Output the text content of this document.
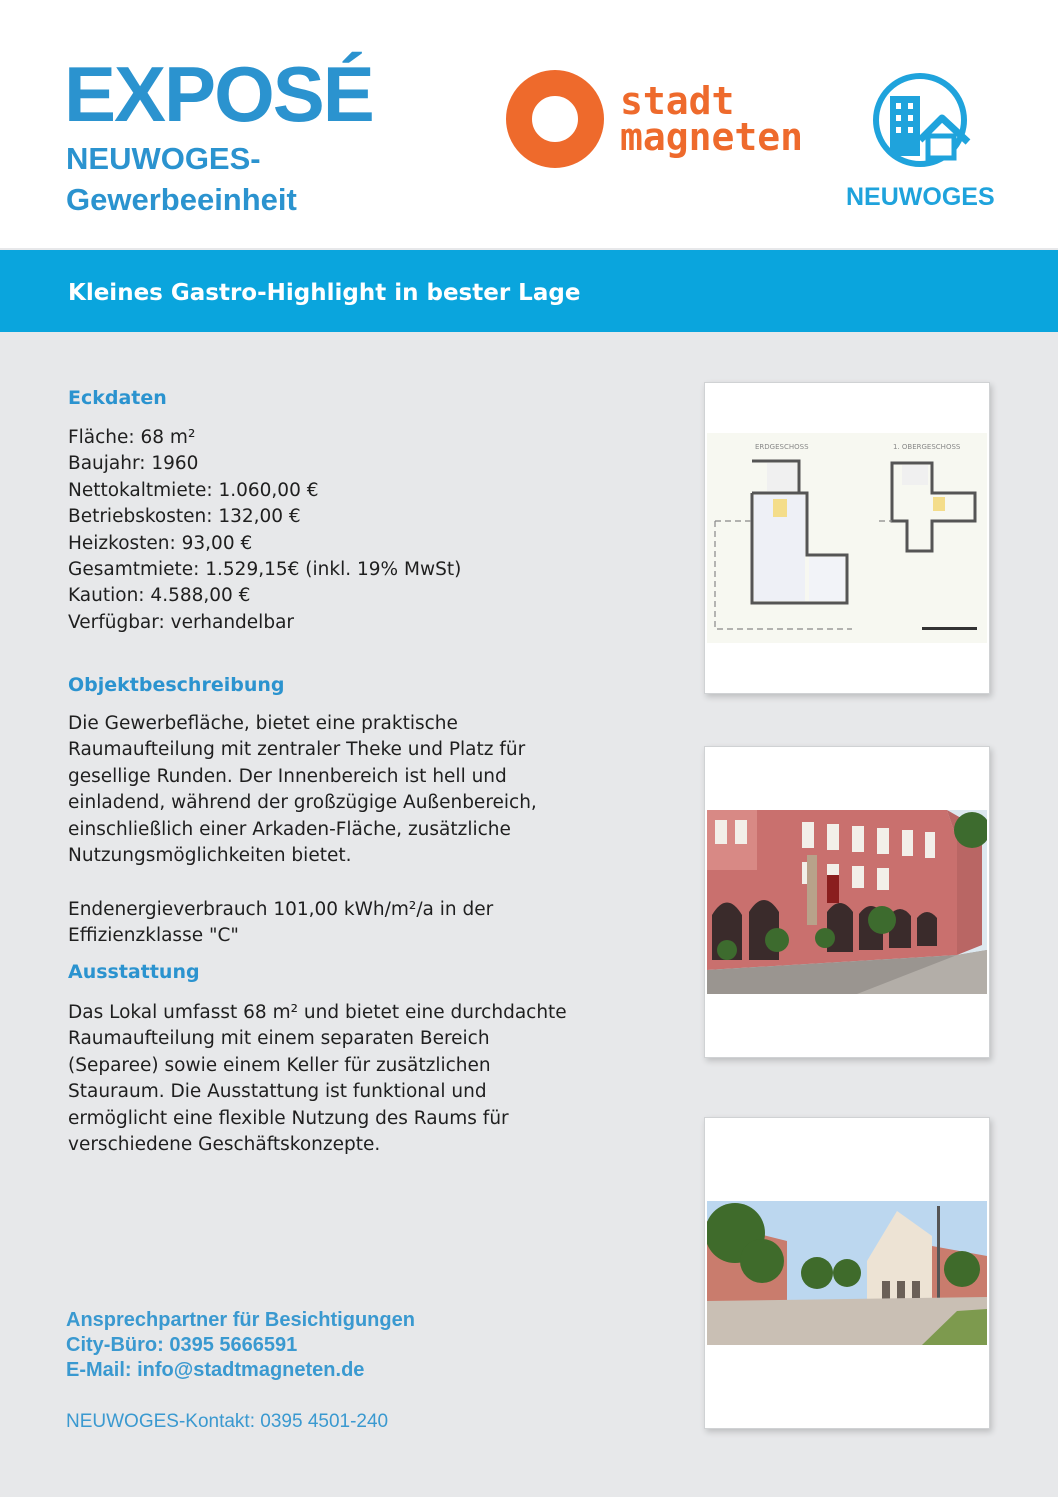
EXPOSÉ
NEUWOGES-
Gewerbeeinheit
stadt
magneten
NEUWOGES
Kleines Gastro-Highlight in bester Lage
Eckdaten
Fläche: 68 m²
Baujahr: 1960
Nettokaltmiete: 1.060,00 €
Betriebskosten: 132,00 €
Heizkosten: 93,00 €
Gesamtmiete: 1.529,15€ (inkl. 19% MwSt)
Kaution: 4.588,00 €
Verfügbar: verhandelbar
Objektbeschreibung
Die Gewerbefläche, bietet eine praktische
Raumaufteilung mit zentraler Theke und Platz für
gesellige Runden. Der Innenbereich ist hell und
einladend, während der großzügige Außenbereich,
einschließlich einer Arkaden-Fläche, zusätzliche
Nutzungsmöglichkeiten bietet.
Endenergieverbrauch 101,00 kWh/m²/a in der
Effizienzklasse "C"
Ausstattung
Das Lokal umfasst 68 m² und bietet eine durchdachte
Raumaufteilung mit einem separaten Bereich
(Separee) sowie einem Keller für zusätzlichen
Stauraum. Die Ausstattung ist funktional und
ermöglicht eine flexible Nutzung des Raums für
verschiedene Geschäftskonzepte.
Ansprechpartner für Besichtigungen
City-Büro: 0395 5666591
E-Mail: info@stadtmagneten.de
NEUWOGES-Kontakt: 0395 4501-240
ERDGESCHOSS	1. OBERGESCHOSS
